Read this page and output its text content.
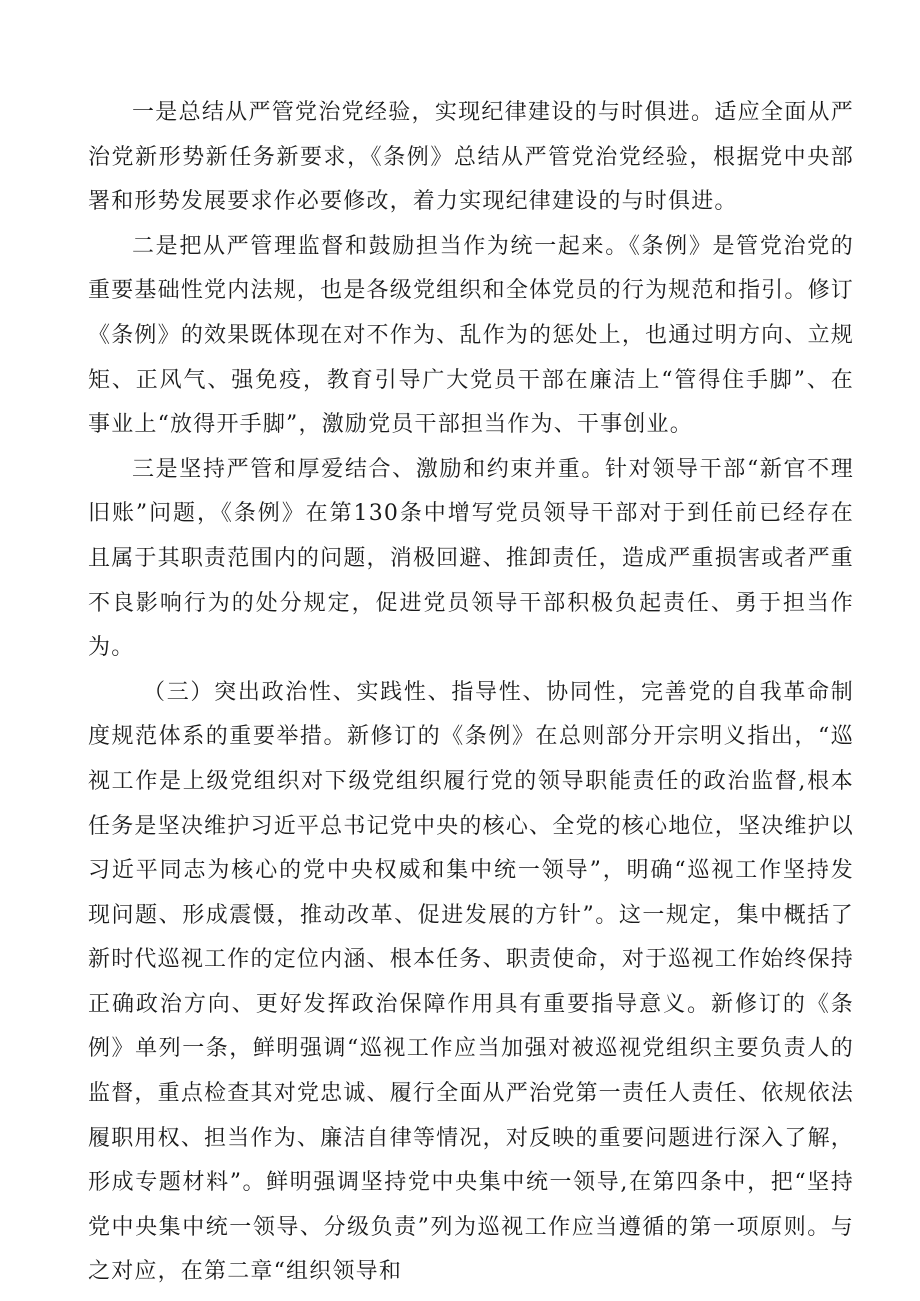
一是总结从严管党治党经验，实现纪律建设的与时俱进。适应全面从严治党新形势新任务新要求，《条例》总结从严管党治党经验，根据党中央部署和形势发展要求作必要修改，着力实现纪律建设的与时俱进。

二是把从严管理监督和鼓励担当作为统一起来。《条例》是管党治党的重要基础性党内法规，也是各级党组织和全体党员的行为规范和指引。修订《条例》的效果既体现在对不作为、乱作为的惩处上，也通过明方向、立规矩、正风气、强免疫，教育引导广大党员干部在廉洁上“管得住手脚”、在事业上“放得开手脚”，激励党员干部担当作为、干事创业。

三是坚持严管和厚爱结合、激励和约束并重。针对领导干部“新官不理旧账”问题，《条例》在第130条中增写党员领导干部对于到任前已经存在且属于其职责范围内的问题，消极回避、推卸责任，造成严重损害或者严重不良影响行为的处分规定，促进党员领导干部积极负起责任、勇于担当作为。

（三）突出政治性、实践性、指导性、协同性，完善党的自我革命制度规范体系的重要举措。新修订的《条例》在总则部分开宗明义指出，“巡视工作是上级党组织对下级党组织履行党的领导职能责任的政治监督,根本任务是坚决维护习近平总书记党中央的核心、全党的核心地位，坚决维护以习近平同志为核心的党中央权威和集中统一领导”，明确“巡视工作坚持发现问题、形成震慑，推动改革、促进发展的方针”。这一规定，集中概括了新时代巡视工作的定位内涵、根本任务、职责使命，对于巡视工作始终保持正确政治方向、更好发挥政治保障作用具有重要指导意义。新修订的《条例》单列一条，鲜明强调“巡视工作应当加强对被巡视党组织主要负责人的监督，重点检查其对党忠诚、履行全面从严治党第一责任人责任、依规依法履职用权、担当作为、廉洁自律等情况，对反映的重要问题进行深入了解，形成专题材料”。鲜明强调坚持党中央集中统一领导,在第四条中，把“坚持党中央集中统一领导、分级负责”列为巡视工作应当遵循的第一项原则。与之对应，在第二章“组织领导和
